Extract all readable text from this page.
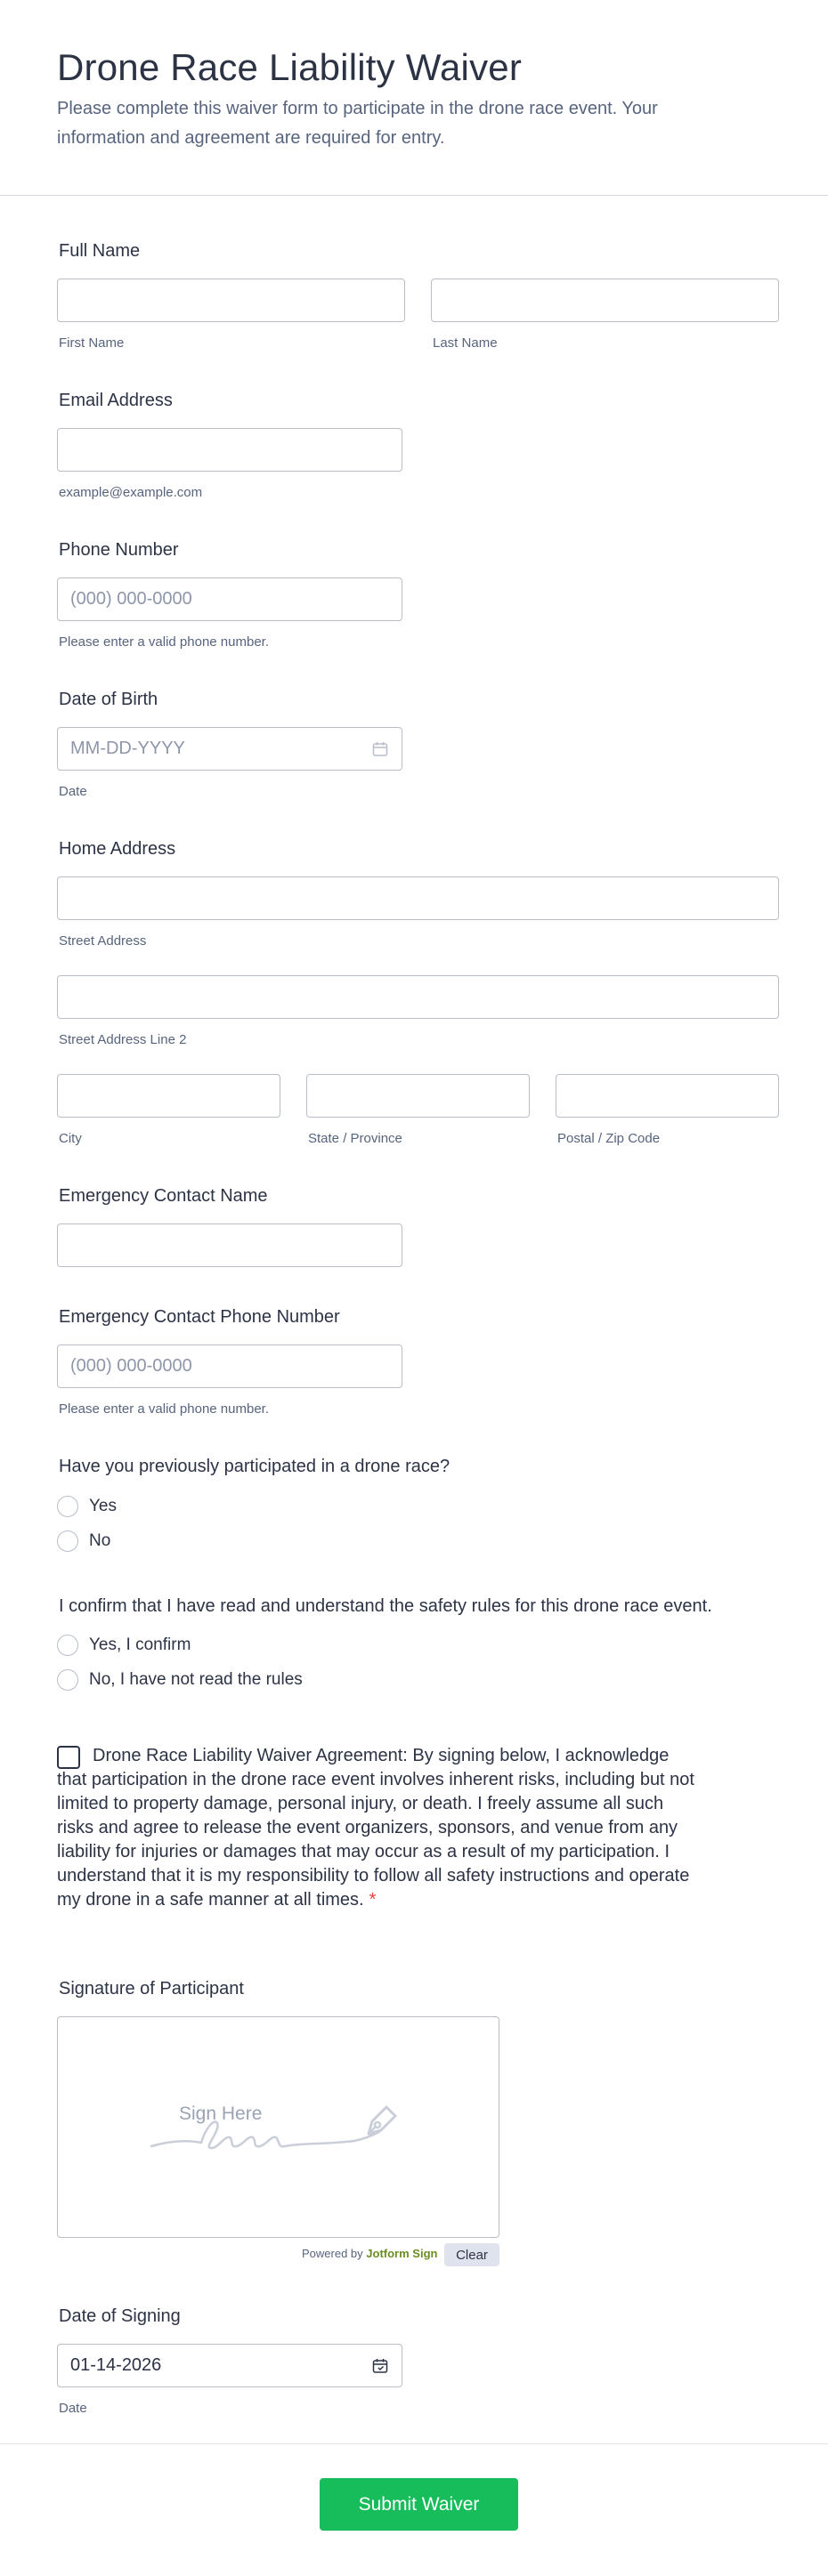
Drone Race Liability Waiver

Please complete this waiver form to participate in the drone race event. Your information and agreement are required for entry.

Full Name
First Name	Last Name
Email Address
example@example.com
Phone Number
(000) 000-0000
Please enter a valid phone number.
Date of Birth
MM-DD-YYYY
Date
Home Address
Street Address
Street Address Line 2
City	State / Province	Postal / Zip Code
Emergency Contact Name
Emergency Contact Phone Number
(000) 000-0000
Please enter a valid phone number.
Have you previously participated in a drone race?
Yes
No
I confirm that I have read and understand the safety rules for this drone race event.
Yes, I confirm
No, I have not read the rules

Drone Race Liability Waiver Agreement: By signing below, I acknowledge that participation in the drone race event involves inherent risks, including but not limited to property damage, personal injury, or death. I freely assume all such risks and agree to release the event organizers, sponsors, and venue from any liability for injuries or damages that may occur as a result of my participation. I understand that it is my responsibility to follow all safety instructions and operate my drone in a safe manner at all times. *

Signature of Participant
Sign Here
Powered by Jotform Sign	Clear
Date of Signing
01-14-2026
Date
Submit Waiver
